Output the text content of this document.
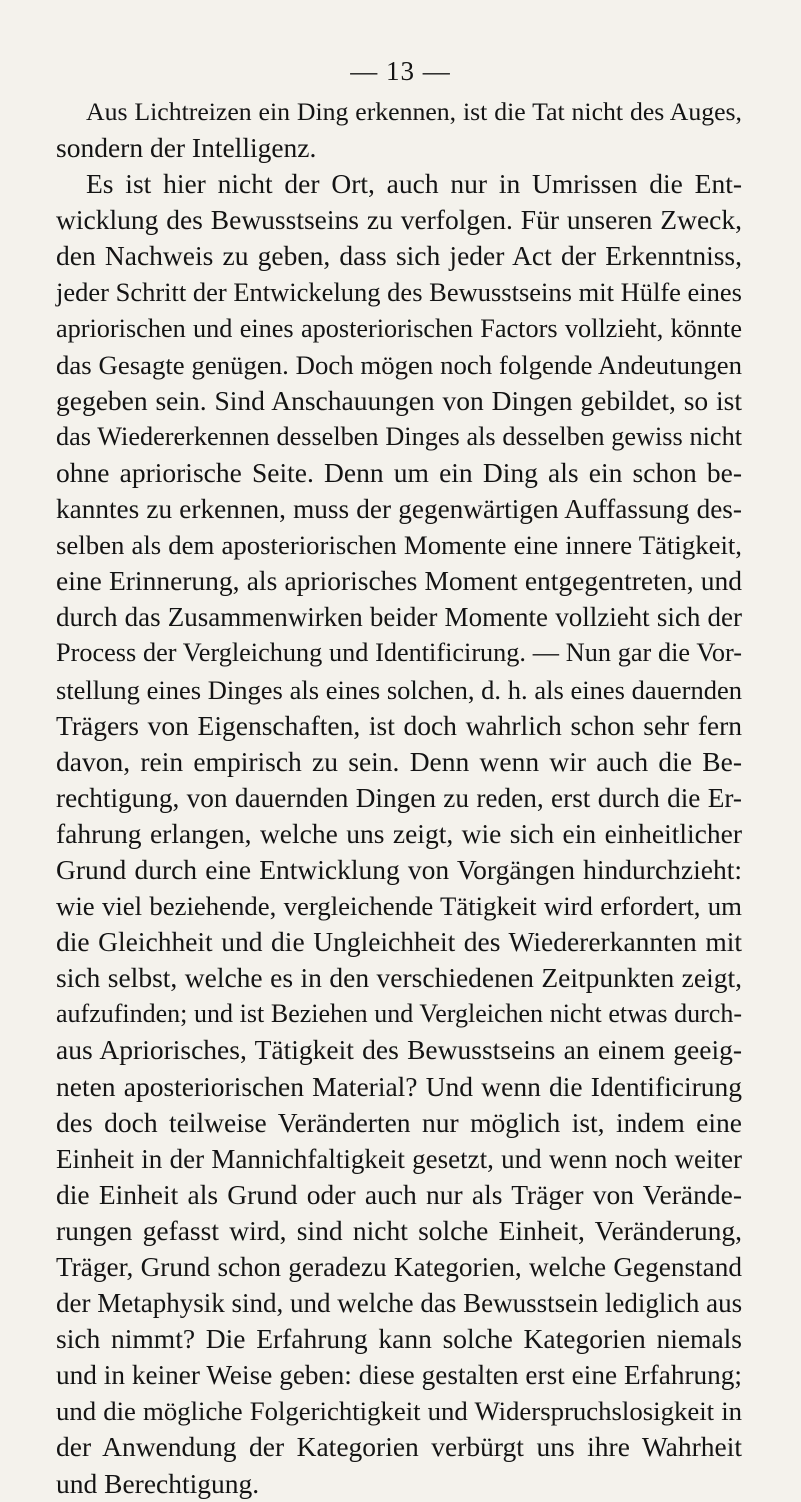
— 13 —
Aus Lichtreizen ein Ding erkennen, ist die Tat nicht des Auges,
sondern der Intelligenz.
Es ist hier nicht der Ort, auch nur in Umrissen die Ent-
wicklung des Bewusstseins zu verfolgen. Für unseren Zweck,
den Nachweis zu geben, dass sich jeder Act der Erkenntniss,
jeder Schritt der Entwickelung des Bewusstseins mit Hülfe eines
apriorischen und eines aposteriorischen Factors vollzieht, könnte
das Gesagte genügen. Doch mögen noch folgende Andeutungen
gegeben sein. Sind Anschauungen von Dingen gebildet, so ist
das Wiedererkennen desselben Dinges als desselben gewiss nicht
ohne apriorische Seite. Denn um ein Ding als ein schon be-
kanntes zu erkennen, muss der gegenwärtigen Auffassung des-
selben als dem aposteriorischen Momente eine innere Tätigkeit,
eine Erinnerung, als apriorisches Moment entgegentreten, und
durch das Zusammenwirken beider Momente vollzieht sich der
Process der Vergleichung und Identificirung. — Nun gar die Vor-
stellung eines Dinges als eines solchen, d. h. als eines dauernden
Trägers von Eigenschaften, ist doch wahrlich schon sehr fern
davon, rein empirisch zu sein. Denn wenn wir auch die Be-
rechtigung, von dauernden Dingen zu reden, erst durch die Er-
fahrung erlangen, welche uns zeigt, wie sich ein einheitlicher
Grund durch eine Entwicklung von Vorgängen hindurchzieht:
wie viel beziehende, vergleichende Tätigkeit wird erfordert, um
die Gleichheit und die Ungleichheit des Wiedererkannten mit
sich selbst, welche es in den verschiedenen Zeitpunkten zeigt,
aufzufinden; und ist Beziehen und Vergleichen nicht etwas durch-
aus Apriorisches, Tätigkeit des Bewusstseins an einem geeig-
neten aposteriorischen Material? Und wenn die Identificirung
des doch teilweise Veränderten nur möglich ist, indem eine
Einheit in der Mannichfaltigkeit gesetzt, und wenn noch weiter
die Einheit als Grund oder auch nur als Träger von Verände-
rungen gefasst wird, sind nicht solche Einheit, Veränderung,
Träger, Grund schon geradezu Kategorien, welche Gegenstand
der Metaphysik sind, und welche das Bewusstsein lediglich aus
sich nimmt? Die Erfahrung kann solche Kategorien niemals
und in keiner Weise geben: diese gestalten erst eine Erfahrung;
und die mögliche Folgerichtigkeit und Widerspruchslosigkeit in
der Anwendung der Kategorien verbürgt uns ihre Wahrheit
und Berechtigung.
